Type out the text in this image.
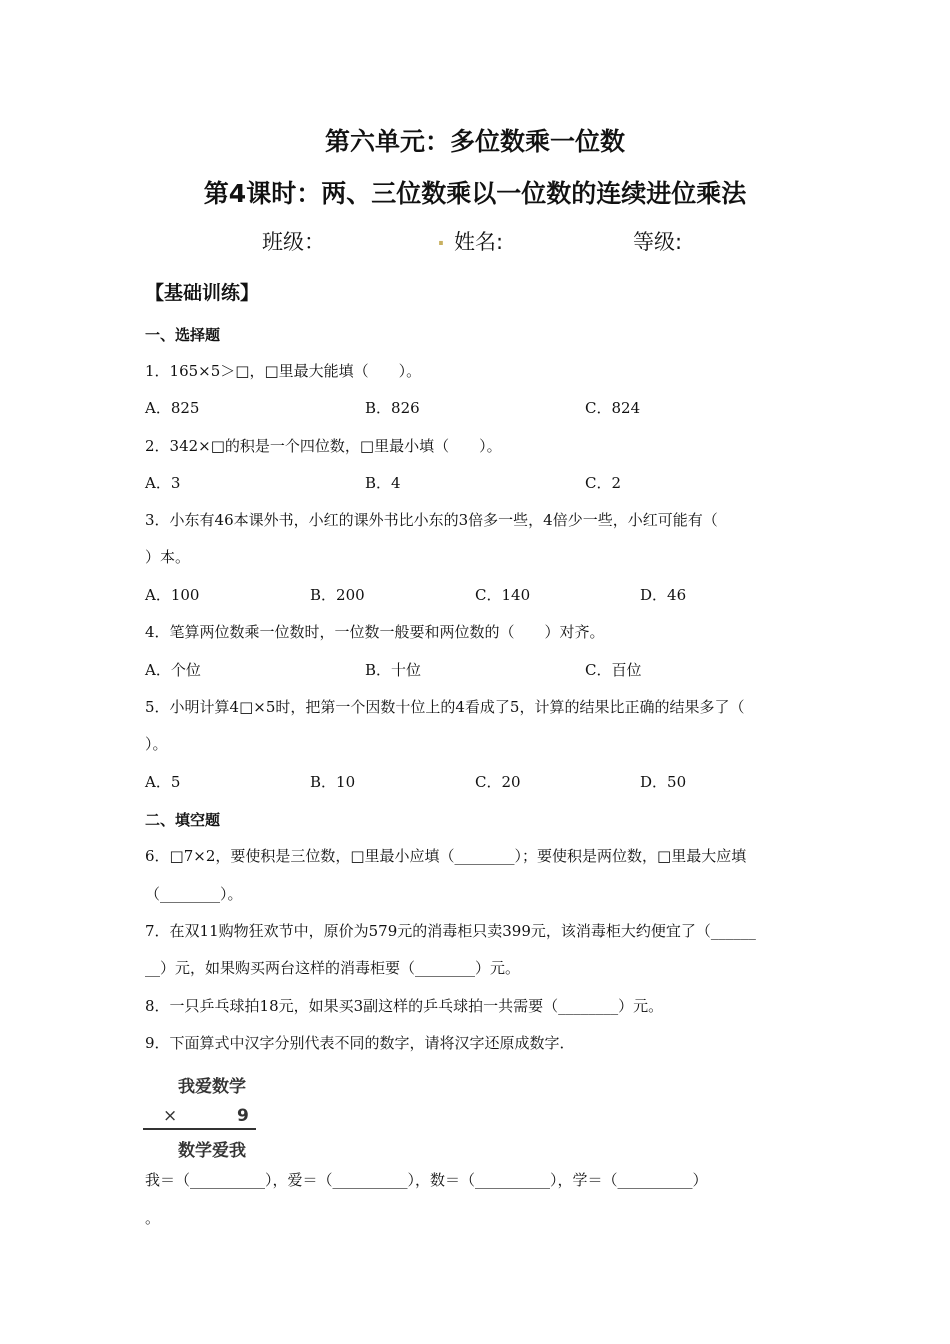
第六单元：多位数乘一位数
第4课时：两、三位数乘以一位数的连续进位乘法
班级：	. 姓名:	等级:
【基础训练】
一、选择题
1．165×5＞□，□里最大能填（　　）。
A．825	B．826	C．824
2．342×□的积是一个四位数，□里最小填（　　）。
A．3	B．4	C．2
3．小东有46本课外书，小红的课外书比小东的3倍多一些，4倍少一些，小红可能有（
）本。
A．100	B．200	C．140	D．46
4．笔算两位数乘一位数时，一位数一般要和两位数的（　　）对齐。
A．个位	B．十位	C．百位
5．小明计算4□×5时，把第一个因数十位上的4看成了5，计算的结果比正确的结果多了（
）。
A．5	B．10	C．20	D．50
二、填空题
6．□7×2，要使积是三位数，□里最小应填（________）；要使积是两位数，□里最大应填
（________）。
7．在双11购物狂欢节中，原价为579元的消毒柜只卖399元，该消毒柜大约便宜了（______
__）元，如果购买两台这样的消毒柜要（________）元。
8．一只乒乓球拍18元，如果买3副这样的乒乓球拍一共需要（________）元。
9．下面算式中汉字分别代表不同的数字，请将汉字还原成数字．
我爱数学
×	9
数学爱我
我＝（__________），爱＝（__________），数＝（__________），学＝（__________）
。
